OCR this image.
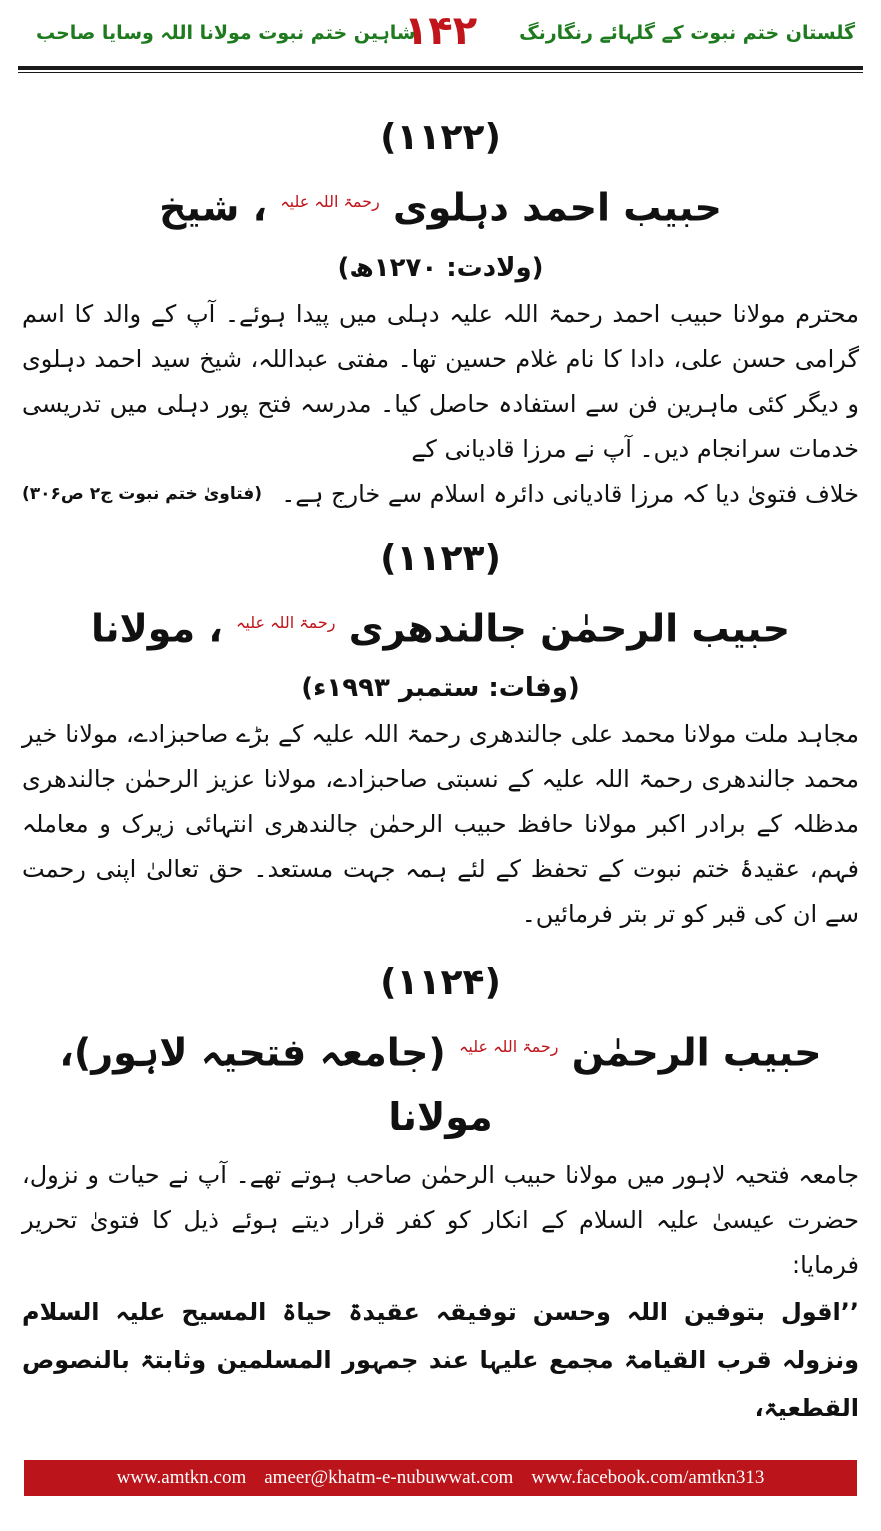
گلستان ختم نبوت کے گلہائے رنگارنگ
۱۴۲
شاہین ختم نبوت مولانا اللہ وسایا صاحب
(۱۱۲۲)
حبیب احمد دہلوی $^{رحمۃ اللہ علیہ}$ ، شیخ
(ولادت: ۱۲۷۰ھ)

محترم مولانا حبیب احمد رحمۃ اللہ علیہ دہلی میں پیدا ہوئے۔ آپ کے والد کا اسم گرامی حسن علی، دادا کا نام غلام حسین تھا۔ مفتی عبداللہ، شیخ سید احمد دہلوی و دیگر کئی ماہرین فن سے استفادہ حاصل کیا۔ مدرسہ فتح پور دہلی میں تدریسی خدمات سرانجام دیں۔ آپ نے مرزا قادیانی کے

خلاف فتویٰ دیا کہ مرزا قادیانی دائرہ اسلام سے خارج ہے۔
(فتاویٰ ختم نبوت ج۲ ص۳۰۶)
(۱۱۲۳)
حبیب الرحمٰن جالندھری $^{رحمۃ اللہ علیہ}$ ، مولانا
(وفات: ستمبر ۱۹۹۳ء)

مجاہد ملت مولانا محمد علی جالندھری رحمۃ اللہ علیہ کے بڑے صاحبزادے، مولانا خیر محمد جالندھری رحمۃ اللہ علیہ کے نسبتی صاحبزادے، مولانا عزیز الرحمٰن جالندھری مدظلہ کے برادر اکبر مولانا حافظ حبیب الرحمٰن جالندھری انتہائی زیرک و معاملہ فہم، عقیدۂ ختم نبوت کے تحفظ کے لئے ہمہ جہت مستعد۔ حق تعالیٰ اپنی رحمت سے ان کی قبر کو تر بتر فرمائیں۔

(۱۱۲۴)
حبیب الرحمٰن $^{رحمۃ اللہ علیہ}$ (جامعہ فتحیہ لاہور)، مولانا

جامعہ فتحیہ لاہور میں مولانا حبیب الرحمٰن صاحب ہوتے تھے۔ آپ نے حیات و نزول، حضرت عیسیٰ علیہ السلام کے انکار کو کفر قرار دیتے ہوئے ذیل کا فتویٰ تحریر فرمایا:

’’اقول بتوفین اللہ وحسن توفیقہ عقیدۃ حیاۃ المسیح علیہ السلام ونزولہ قرب القیامۃ مجمع علیہا عند جمہور المسلمین وثابتۃ بالنصوص القطعیۃ،

www.amtkn.com ameer@khatm-e-nubuwwat.com www.facebook.com/amtkn313
